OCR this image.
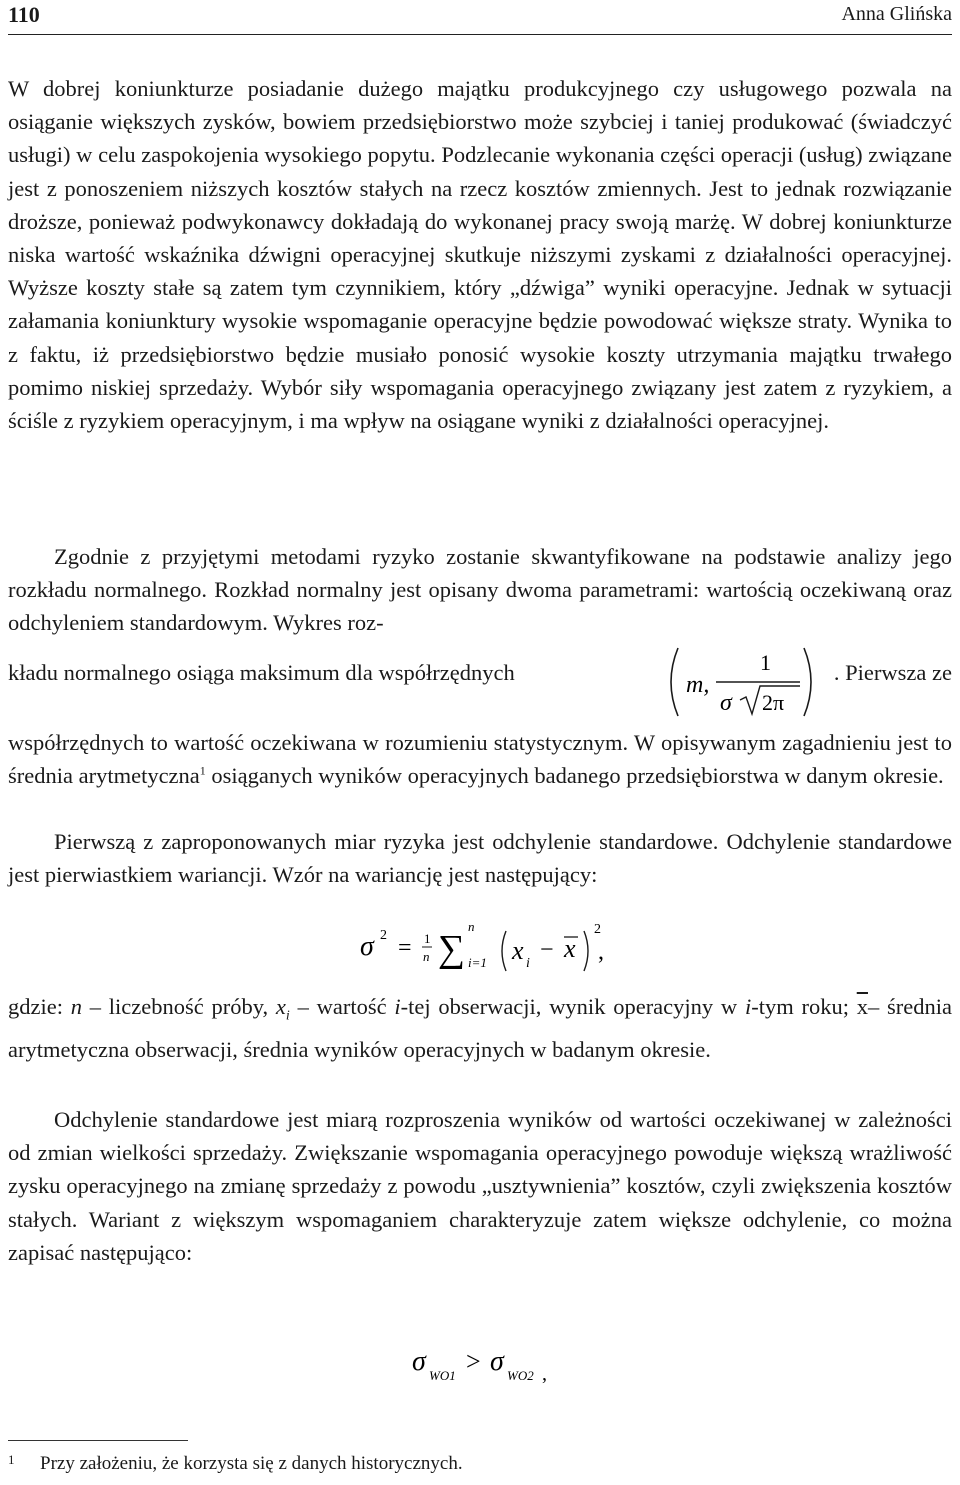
110	Anna Glińska

W dobrej koniunkturze posiadanie dużego majątku produkcyjnego czy usługowego pozwala na osiąganie większych zysków, bowiem przedsiębiorstwo może szybciej i taniej produkować (świadczyć usługi) w celu zaspokojenia wysokiego popytu. Podzlecanie wykonania części operacji (usług) związane jest z ponoszeniem niższych kosztów stałych na rzecz kosztów zmiennych. Jest to jednak rozwiązanie droższe, ponieważ podwykonawcy dokładają do wykonanej pracy swoją marżę. W dobrej koniunkturze niska wartość wskaźnika dźwigni operacyjnej skutkuje niższymi zyskami z działalności operacyjnej. Wyższe koszty stałe są zatem tym czynnikiem, który „dźwiga” wyniki operacyjne. Jednak w sytuacji załamania koniunktury wysokie wspomaganie operacyjne będzie powodować większe straty. Wynika to z faktu, iż przedsiębiorstwo będzie musiało ponosić wysokie koszty utrzymania majątku trwałego pomimo niskiej sprzedaży. Wybór siły wspomagania operacyjnego związany jest zatem z ryzykiem, a ściśle z ryzykiem operacyjnym, i ma wpływ na osiągane wyniki z działalności operacyjnej.

Zgodnie z przyjętymi metodami ryzyko zostanie skwantyfikowane na podstawie analizy jego rozkładu normalnego. Rozkład normalny jest opisany dwoma parametrami: wartością oczekiwaną oraz odchyleniem standardowym. Wykres roz-

kładu normalnego osiąga maksimum dla współrzędnych	m,
1
σ 2π
. Pierwsza ze

współrzędnych to wartość oczekiwana w rozumieniu statystycznym. W opisywanym zagadnieniu jest to średnia arytmetyczna$^1$ osiąganych wyników operacyjnych badanego przedsiębiorstwa w danym okresie.

Pierwszą z zaproponowanych miar ryzyka jest odchylenie standardowe. Odchylenie standardowe jest pierwiastkiem wariancji. Wzór na wariancję jest następujący:

σ 2 = 1
n ∑
n
i=1 x i
− x
2
,

gdzie: n – liczebność próby, $x_i$ – wartość i-tej obserwacji, wynik operacyjny w i-tym roku; $\overline{x}-$ średnia arytmetyczna obserwacji, średnia wyników operacyjnych w badanym okresie.

Odchylenie standardowe jest miarą rozproszenia wyników od wartości oczekiwanej w zależności od zmian wielkości sprzedaży. Zwiększanie wspomagania operacyjnego powoduje większą wrażliwość zysku operacyjnego na zmianę sprzedaży z powodu „usztywnienia” kosztów, czyli zwiększenia kosztów stałych. Wariant z większym wspomaganiem charakteryzuje zatem większe odchylenie, co można zapisać następująco:

σ WO1 > σ WO2 ,
1 Przy założeniu, że korzysta się z danych historycznych.
